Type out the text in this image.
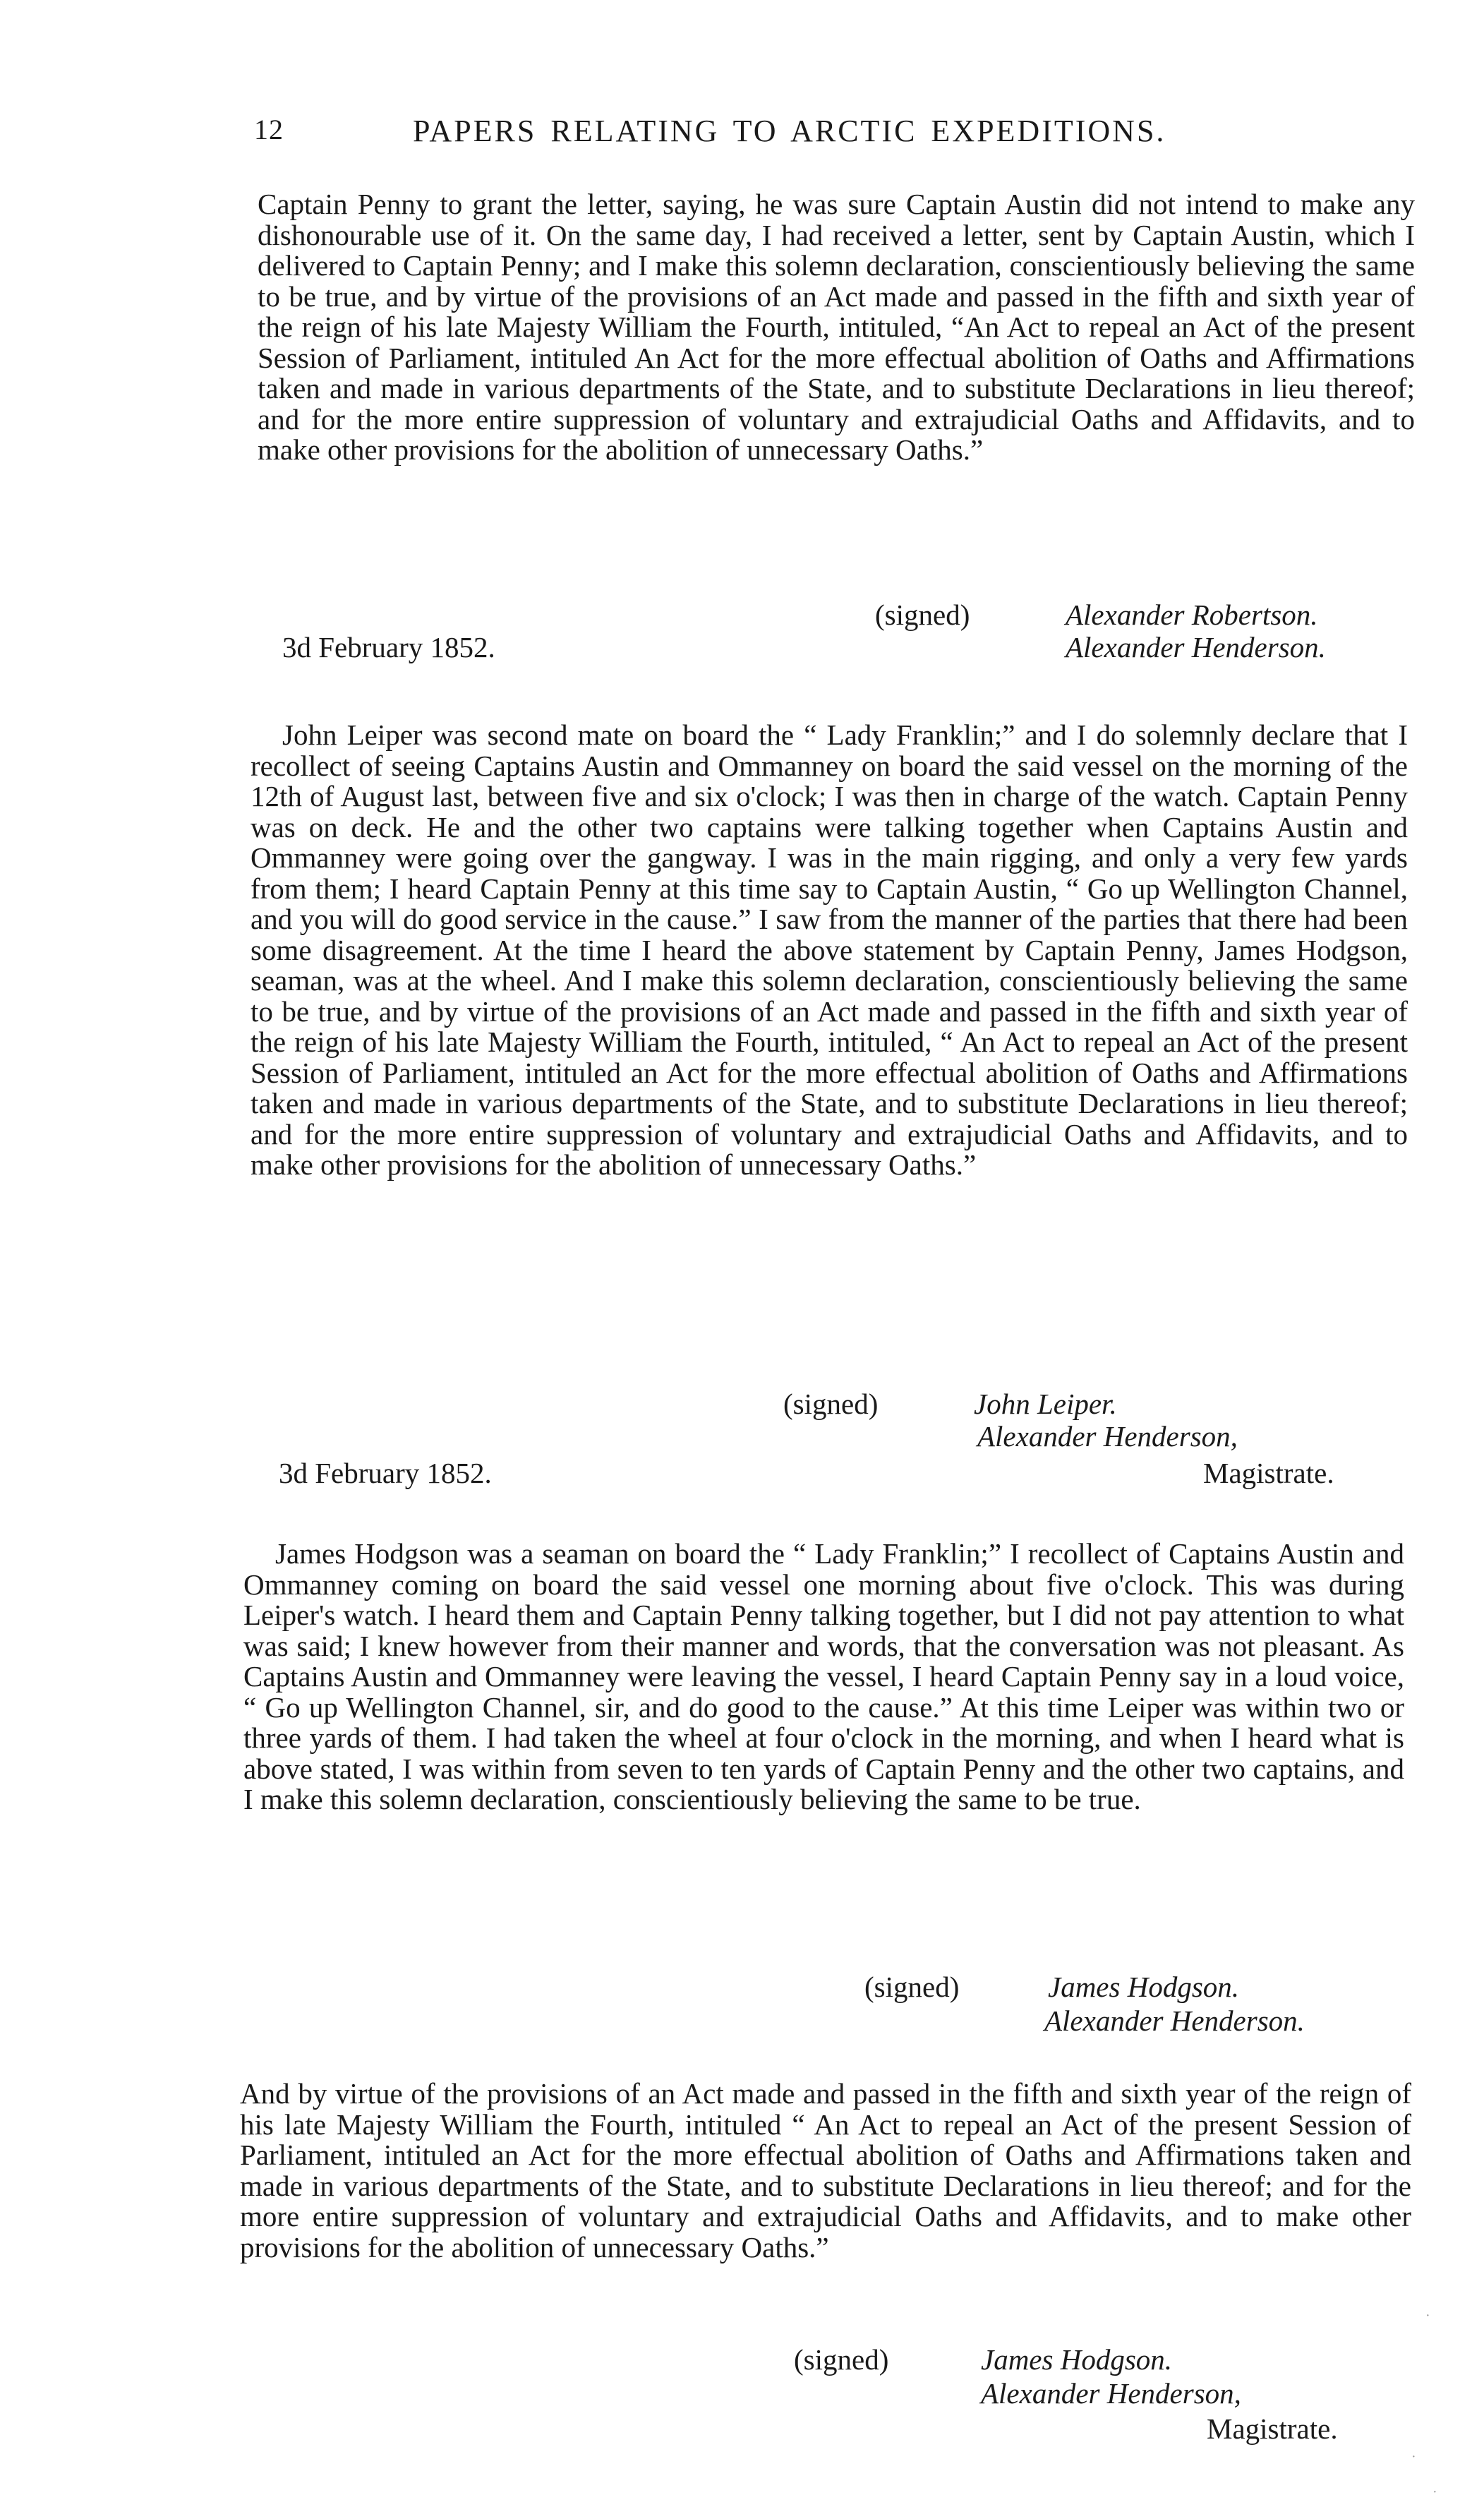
12	PAPERS RELATING TO ARCTIC EXPEDITIONS.

Captain Penny to grant the letter, saying, he was sure Captain Austin did not intend to make any dishonourable use of it. On the same day, I had received a letter, sent by Captain Austin, which I delivered to Captain Penny; and I make this solemn declaration, conscientiously believing the same to be true, and by virtue of the provisions of an Act made and passed in the fifth and sixth year of the reign of his late Majesty William the Fourth, intituled, “An Act to repeal an Act of the present Session of Parliament, intituled An Act for the more effectual abolition of Oaths and Affirmations taken and made in various departments of the State, and to substitute Declarations in lieu thereof; and for the more entire suppression of voluntary and extrajudicial Oaths and Affidavits, and to make other provisions for the abolition of unnecessary Oaths.”

(signed)	Alexander Robertson.
3d February 1852.	Alexander Henderson.

John Leiper was second mate on board the “ Lady Franklin;” and I do solemnly declare that I recollect of seeing Captains Austin and Ommanney on board the said vessel on the morning of the 12th of August last, between five and six o'clock; I was then in charge of the watch. Captain Penny was on deck. He and the other two captains were talking together when Captains Austin and Ommanney were going over the gangway. I was in the main rigging, and only a very few yards from them; I heard Captain Penny at this time say to Captain Austin, “ Go up Wellington Channel, and you will do good service in the cause.” I saw from the manner of the parties that there had been some disagreement. At the time I heard the above statement by Captain Penny, James Hodgson, seaman, was at the wheel. And I make this solemn declaration, conscientiously believing the same to be true, and by virtue of the provisions of an Act made and passed in the fifth and sixth year of the reign of his late Majesty William the Fourth, intituled, “ An Act to repeal an Act of the present Session of Parliament, intituled an Act for the more effectual abolition of Oaths and Affirmations taken and made in various departments of the State, and to substitute Declarations in lieu thereof; and for the more entire suppression of voluntary and extrajudicial Oaths and Affidavits, and to make other provisions for the abolition of unnecessary Oaths.”

(signed)	John Leiper.
Alexander Henderson,
3d February 1852.	Magistrate.

James Hodgson was a seaman on board the “ Lady Franklin;” I recollect of Captains Austin and Ommanney coming on board the said vessel one morning about five o'clock. This was during Leiper's watch. I heard them and Captain Penny talking together, but I did not pay attention to what was said; I knew however from their manner and words, that the conversation was not pleasant. As Captains Austin and Ommanney were leaving the vessel, I heard Captain Penny say in a loud voice, “ Go up Wellington Channel, sir, and do good to the cause.” At this time Leiper was within two or three yards of them. I had taken the wheel at four o'clock in the morning, and when I heard what is above stated, I was within from seven to ten yards of Captain Penny and the other two captains, and I make this solemn declaration, conscientiously believing the same to be true.

(signed)	James Hodgson.
Alexander Henderson.

And by virtue of the provisions of an Act made and passed in the fifth and sixth year of the reign of his late Majesty William the Fourth, intituled “ An Act to repeal an Act of the present Session of Parliament, intituled an Act for the more effectual abolition of Oaths and Affirmations taken and made in various departments of the State, and to substitute Declarations in lieu thereof; and for the more entire suppression of voluntary and extrajudicial Oaths and Affidavits, and to make other provisions for the abolition of unnecessary Oaths.”

(signed)	James Hodgson.
Alexander Henderson,
Magistrate.
·
·
·
